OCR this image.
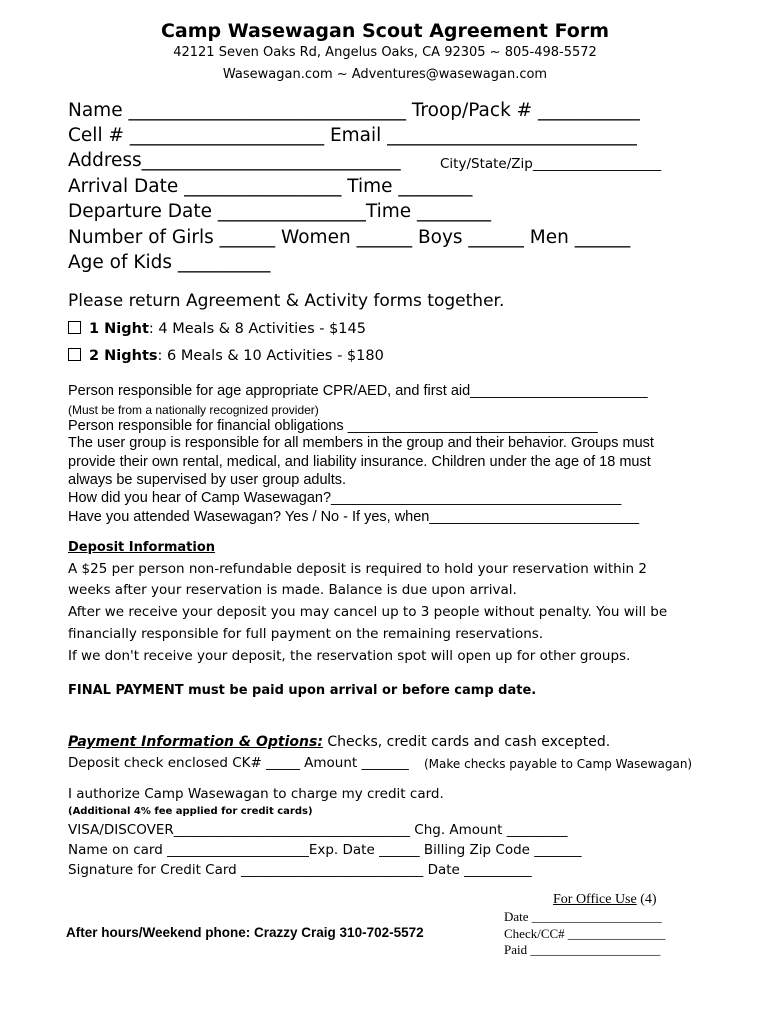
Camp Wasewagan Scout Agreement Form
42121 Seven Oaks Rd, Angelus Oaks, CA 92305 ~ 805-498-5572
Wasewagan.com ~ Adventures@wasewagan.com
Name ______________________________ Troop/Pack # ___________
Cell # _____________________ Email ___________________________
Address____________________________	City/State/Zip___________________
Arrival Date _________________ Time ________
Departure Date ________________Time ________
Number of Girls ______ Women ______ Boys ______ Men ______
Age of Kids __________
Please return Agreement & Activity forms together.
1 Night: 4 Meals & 8 Activities - $145
2 Nights: 6 Meals & 10 Activities - $180
Person responsible for age appropriate CPR/AED, and first aid______________________
(Must be from a nationally recognized provider)
Person responsible for financial obligations _______________________________
The user group is responsible for all members in the group and their behavior. Groups must
provide their own rental, medical, and liability insurance. Children under the age of 18 must
always be supervised by user group adults.
How did you hear of Camp Wasewagan?____________________________________
Have you attended Wasewagan? Yes / No - If yes, when__________________________
Deposit Information
A $25 per person non-refundable deposit is required to hold your reservation within 2
weeks after your reservation is made. Balance is due upon arrival.
After we receive your deposit you may cancel up to 3 people without penalty. You will be
financially responsible for full payment on the remaining reservations.
If we don't receive your deposit, the reservation spot will open up for other groups.
FINAL PAYMENT must be paid upon arrival or before camp date.
Payment Information & Options: Checks, credit cards and cash excepted.
Deposit check enclosed CK# _____ Amount _______ (Make checks payable to Camp Wasewagan)
I authorize Camp Wasewagan to charge my credit card.
(Additional 4% fee applied for credit cards)
VISA/DISCOVER___________________________________ Chg. Amount _________
Name on card _____________________Exp. Date ______ Billing Zip Code _______
Signature for Credit Card ___________________________ Date __________
After hours/Weekend phone: Crazzy Craig 310-702-5572
For Office Use (4)
Date ____________________
Check/CC# _______________
Paid ____________________
